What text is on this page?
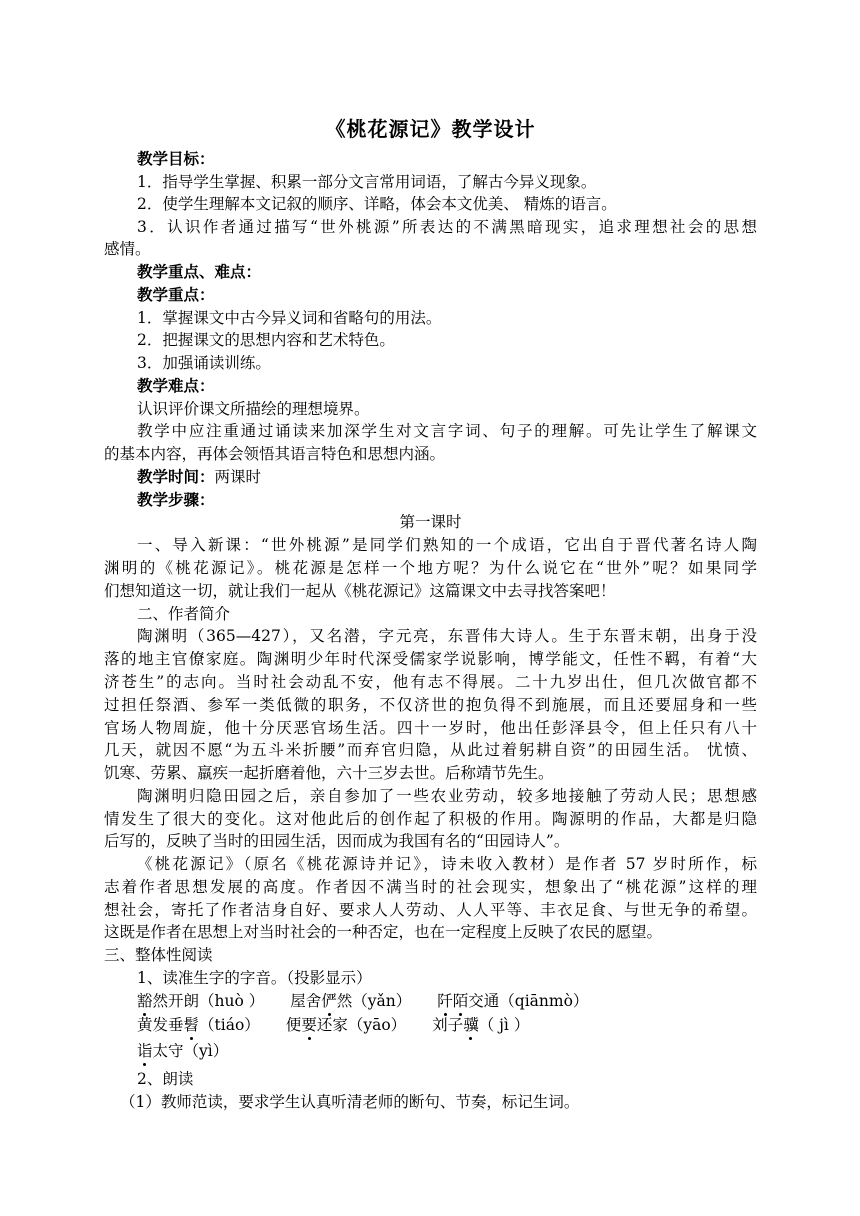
《桃花源记》教学设计
教学目标：
1．指导学生掌握、积累一部分文言常用词语，了解古今异义现象。
2．使学生理解本文记叙的顺序、详略，体会本文优美、 精炼的语言。
3．认识作者通过描写“世外桃源”所表达的不满黑暗现实，追求理想社会的思想
感情。
教学重点、难点：
教学重点：
1．掌握课文中古今异义词和省略句的用法。
2．把握课文的思想内容和艺术特色。
3．加强诵读训练。
教学难点：
认识评价课文所描绘的理想境界。
教学中应注重通过诵读来加深学生对文言字词、句子的理解。可先让学生了解课文
的基本内容，再体会领悟其语言特色和思想内涵。
教学时间：两课时
教学步骤：
第一课时
一、导入新课：“世外桃源”是同学们熟知的一个成语，它出自于晋代著名诗人陶
渊明的《桃花源记》。桃花源是怎样一个地方呢？为什么说它在“世外”呢？如果同学
们想知道这一切，就让我们一起从《桃花源记》这篇课文中去寻找答案吧！
二、作者简介
陶渊明（365—427），又名潜，字元亮，东晋伟大诗人。生于东晋末朝，出身于没
落的地主官僚家庭。陶渊明少年时代深受儒家学说影响，博学能文，任性不羁，有着“大
济苍生”的志向。当时社会动乱不安，他有志不得展。二十九岁出仕，但几次做官都不
过担任祭酒、参军一类低微的职务，不仅济世的抱负得不到施展，而且还要屈身和一些
官场人物周旋，他十分厌恶官场生活。四十一岁时，他出任彭泽县令，但上任只有八十
几天，就因不愿“为五斗米折腰”而弃官归隐，从此过着躬耕自资”的田园生活。 忧愤、
饥寒、劳累、羸疾一起折磨着他，六十三岁去世。后称靖节先生。
陶渊明归隐田园之后，亲自参加了一些农业劳动，较多地接触了劳动人民；思想感
情发生了很大的变化。这对他此后的创作起了积极的作用。陶源明的作品，大都是归隐
后写的，反映了当时的田园生活，因而成为我国有名的“田园诗人”。
《桃花源记》（原名《桃花源诗并记》，诗未收入教材）是作者 57 岁时所作，标
志着作者思想发展的高度。作者因不满当时的社会现实，想象出了“桃花源”这样的理
想社会，寄托了作者洁身自好、要求人人劳动、人人平等、丰衣足食、与世无争的希望。
这既是作者在思想上对当时社会的一种否定，也在一定程度上反映了农民的愿望。
三、整体性阅读
1、读准生字的字音。（投影显示）
豁然开朗（huò ） 屋舍俨然（yǎn） 阡陌交通（qiānmò）
黄发垂髫（tiáo） 便要还家（yāo） 刘子骥（ jì ）
诣太守（yì）
2、朗读
（1）教师范读，要求学生认真听清老师的断句、节奏，标记生词。
